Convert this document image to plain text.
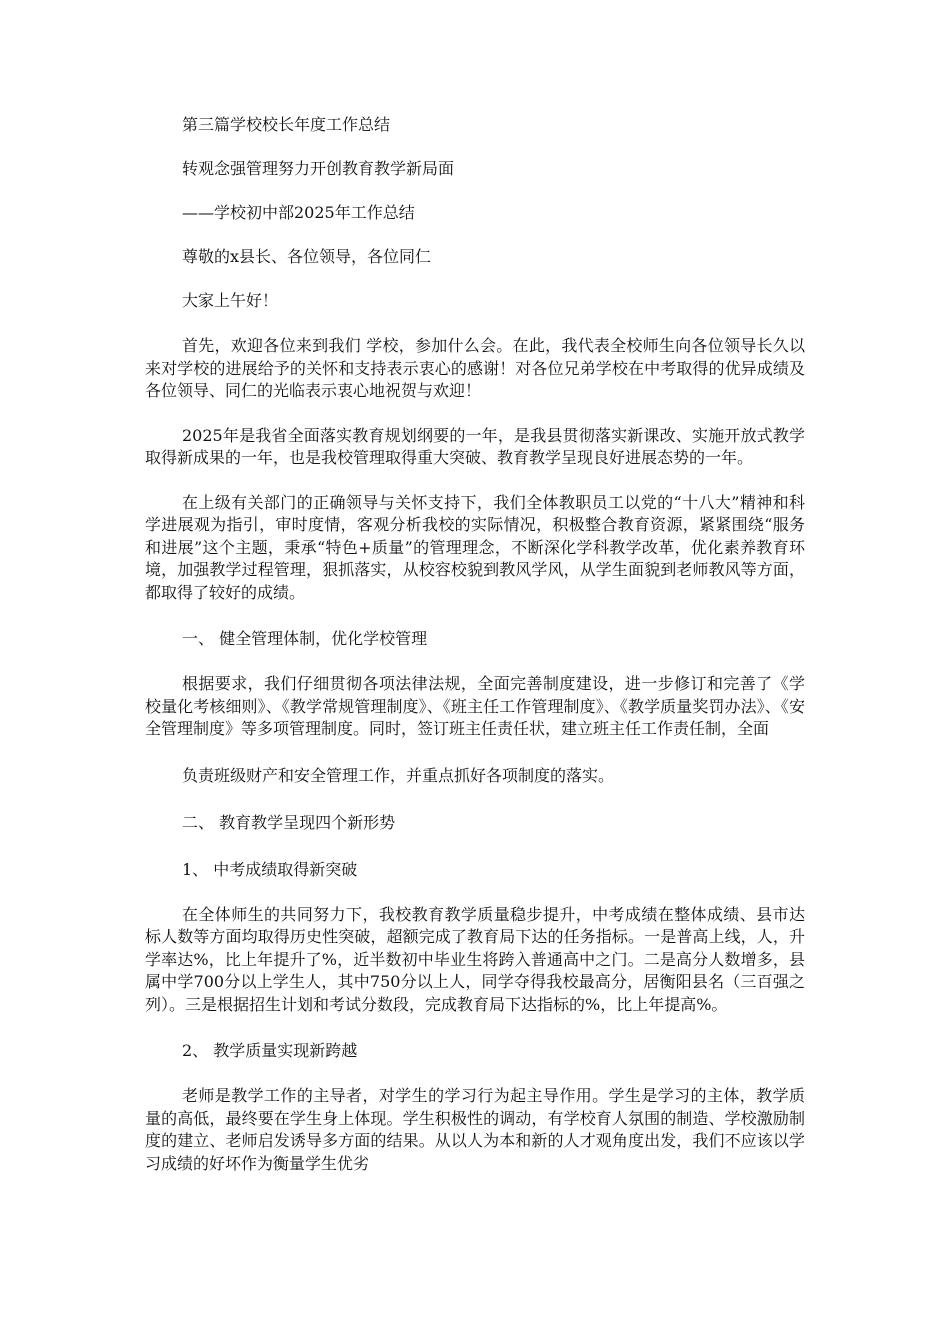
第三篇学校校长年度工作总结

转观念强管理努力开创教育教学新局面

——学校初中部2025年工作总结

尊敬的x县长、各位领导，各位同仁

大家上午好！

首先，欢迎各位来到我们 学校，参加什么会。在此，我代表全校师生向各位领导长久以来对学校的进展给予的关怀和支持表示衷心的感谢！对各位兄弟学校在中考取得的优异成绩及各位领导、同仁的光临表示衷心地祝贺与欢迎！

2025年是我省全面落实教育规划纲要的一年，是我县贯彻落实新课改、实施开放式教学取得新成果的一年，也是我校管理取得重大突破、教育教学呈现良好进展态势的一年。

在上级有关部门的正确领导与关怀支持下，我们全体教职员工以党的“十八大”精神和科学进展观为指引，审时度情，客观分析我校的实际情况，积极整合教育资源，紧紧围绕“服务和进展”这个主题，秉承“特色+质量”的管理理念，不断深化学科教学改革，优化素养教育环境，加强教学过程管理，狠抓落实，从校容校貌到教风学风，从学生面貌到老师教风等方面，都取得了较好的成绩。

一、 健全管理体制，优化学校管理

根据要求，我们仔细贯彻各项法律法规，全面完善制度建设，进一步修订和完善了《学校量化考核细则》、《教学常规管理制度》、《班主任工作管理制度》、《教学质量奖罚办法》、《安全管理制度》等多项管理制度。同时，签订班主任责任状，建立班主任工作责任制，全面

负责班级财产和安全管理工作，并重点抓好各项制度的落实。

二、 教育教学呈现四个新形势

1、 中考成绩取得新突破

在全体师生的共同努力下，我校教育教学质量稳步提升，中考成绩在整体成绩、县市达标人数等方面均取得历史性突破，超额完成了教育局下达的任务指标。一是普高上线，人，升学率达%，比上年提升了%，近半数初中毕业生将跨入普通高中之门。二是高分人数增多，县属中学700分以上学生人，其中750分以上人，同学夺得我校最高分，居衡阳县名（三百强之列）。三是根据招生计划和考试分数段，完成教育局下达指标的%，比上年提高%。

2、 教学质量实现新跨越

老师是教学工作的主导者，对学生的学习行为起主导作用。学生是学习的主体，教学质量的高低，最终要在学生身上体现。学生积极性的调动，有学校育人氛围的制造、学校激励制度的建立、老师启发诱导多方面的结果。从以人为本和新的人才观角度出发，我们不应该以学习成绩的好坏作为衡量学生优劣
